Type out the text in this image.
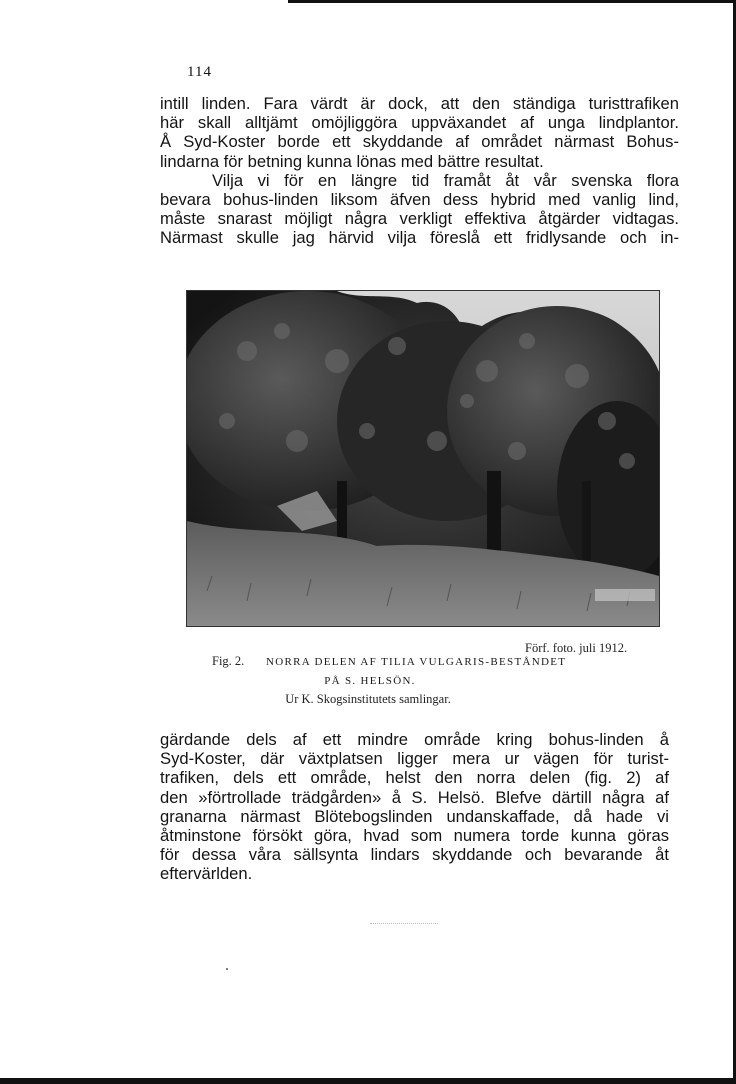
114
intill linden. Fara värdt är dock, att den ständiga turisttrafiken
här skall alltjämt omöjliggöra uppväxandet af unga lindplantor.
Å Syd-Koster borde ett skyddande af området närmast Bohus-
lindarna för betning kunna lönas med bättre resultat.
Vilja vi för en längre tid framåt åt vår svenska flora
bevara bohus-linden liksom äfven dess hybrid med vanlig lind,
måste snarast möjligt några verkligt effektiva åtgärder vidtagas.
Närmast skulle jag härvid vilja föreslå ett fridlysande och in-
Förf. foto. juli 1912.
Fig. 2. NORRA DELEN AF TILIA VULGARIS-BESTÅNDET
PÅ S. HELSÖN.
Ur K. Skogsinstitutets samlingar.
gärdande dels af ett mindre område kring bohus-linden å
Syd-Koster, där växtplatsen ligger mera ur vägen för turist-
trafiken, dels ett område, helst den norra delen (fig. 2) af
den »förtrollade trädgården» å S. Helsö. Blefve därtill några af
granarna närmast Blötebogslinden undanskaffade, då hade vi
åtminstone försökt göra, hvad som numera torde kunna göras
för dessa våra sällsynta lindars skyddande och bevarande åt
eftervärlden.
